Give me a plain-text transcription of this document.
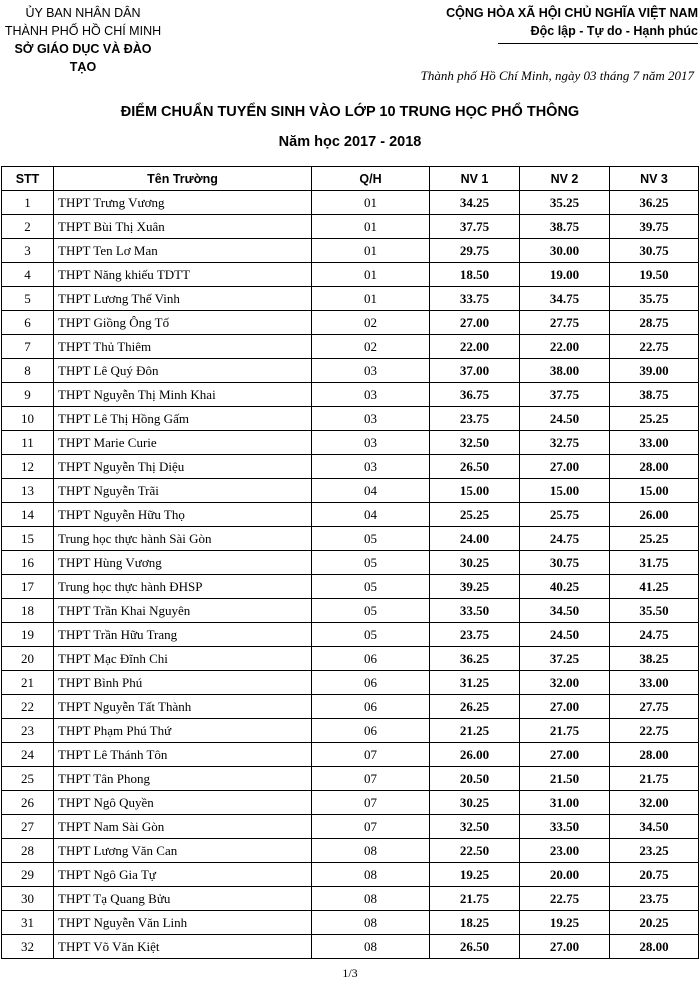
ỦY BAN NHÂN DÂN
THÀNH PHỐ HỒ CHÍ MINH
SỞ GIÁO DỤC VÀ ĐÀO TẠO
CỘNG HÒA XÃ HỘI CHỦ NGHĨA VIỆT NAM
Độc lập - Tự do - Hạnh phúc
Thành phố Hồ Chí Minh, ngày 03 tháng 7 năm 2017
ĐIỂM CHUẨN TUYỂN SINH VÀO LỚP 10 TRUNG HỌC PHỔ THÔNG
Năm học 2017 - 2018
STT	Tên Trường	Q/H	NV 1	NV 2	NV 3
1	THPT Trưng Vương	01	34.25	35.25	36.25
2	THPT Bùi Thị Xuân	01	37.75	38.75	39.75
3	THPT Ten Lơ Man	01	29.75	30.00	30.75
4	THPT Năng khiếu TDTT	01	18.50	19.00	19.50
5	THPT Lương Thế Vinh	01	33.75	34.75	35.75
6	THPT Giồng Ông Tố	02	27.00	27.75	28.75
7	THPT Thủ Thiêm	02	22.00	22.00	22.75
8	THPT Lê Quý Đôn	03	37.00	38.00	39.00
9	THPT Nguyễn Thị Minh Khai	03	36.75	37.75	38.75
10	THPT Lê Thị Hồng Gấm	03	23.75	24.50	25.25
11	THPT Marie Curie	03	32.50	32.75	33.00
12	THPT Nguyễn Thị Diệu	03	26.50	27.00	28.00
13	THPT Nguyễn Trãi	04	15.00	15.00	15.00
14	THPT Nguyễn Hữu Thọ	04	25.25	25.75	26.00
15	Trung học thực hành Sài Gòn	05	24.00	24.75	25.25
16	THPT Hùng Vương	05	30.25	30.75	31.75
17	Trung học thực hành ĐHSP	05	39.25	40.25	41.25
18	THPT Trần Khai Nguyên	05	33.50	34.50	35.50
19	THPT Trần Hữu Trang	05	23.75	24.50	24.75
20	THPT Mạc Đĩnh Chi	06	36.25	37.25	38.25
21	THPT Bình Phú	06	31.25	32.00	33.00
22	THPT Nguyễn Tất Thành	06	26.25	27.00	27.75
23	THPT Phạm Phú Thứ	06	21.25	21.75	22.75
24	THPT Lê Thánh Tôn	07	26.00	27.00	28.00
25	THPT Tân Phong	07	20.50	21.50	21.75
26	THPT Ngô Quyền	07	30.25	31.00	32.00
27	THPT Nam Sài Gòn	07	32.50	33.50	34.50
28	THPT Lương Văn Can	08	22.50	23.00	23.25
29	THPT Ngô Gia Tự	08	19.25	20.00	20.75
30	THPT Tạ Quang Bửu	08	21.75	22.75	23.75
31	THPT Nguyễn Văn Linh	08	18.25	19.25	20.25
32	THPT Võ Văn Kiệt	08	26.50	27.00	28.00
1/3
